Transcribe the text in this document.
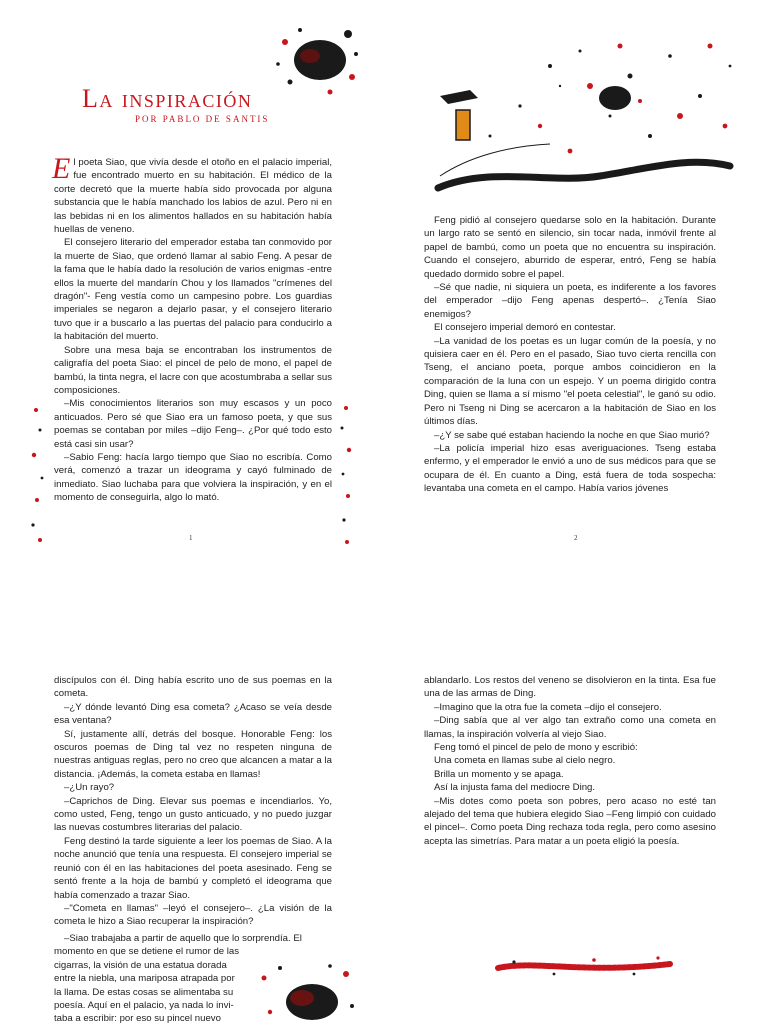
La inspiración
POR PABLO DE SANTIS

El poeta Siao, que vivía desde el otoño en el palacio imperial, fue encontrado muerto en su habitación. El médico de la corte decretó que la muerte había sido provocada por alguna substancia que le había manchado los labios de azul. Pero ni en las bebidas ni en los alimentos hallados en su habitación había huellas de veneno.

El consejero literario del emperador estaba tan conmovido por la muerte de Siao, que ordenó llamar al sabio Feng. A pesar de la fama que le había dado la resolución de varios enigmas -entre ellos la muerte del mandarín Chou y los llamados "crímenes del dragón"- Feng vestía como un campesino pobre. Los guardias imperiales se negaron a dejarlo pasar, y el consejero literario tuvo que ir a buscarlo a las puertas del palacio para conducirlo a la habitación del muerto.

Sobre una mesa baja se encontraban los instrumentos de caligrafía del poeta Siao: el pincel de pelo de mono, el papel de bambú, la tinta negra, el lacre con que acostumbraba a sellar sus composiciones.

–Mis conocimientos literarios son muy escasos y un poco anticuados. Pero sé que Siao era un famoso poeta, y que sus poemas se contaban por miles –dijo Feng–. ¿Por qué todo esto está casi sin usar?

–Sabio Feng: hacía largo tiempo que Siao no escribía. Como verá, comenzó a trazar un ideograma y cayó fulminado de inmediato. Siao luchaba para que volviera la inspiración, y en el momento de conseguirla, algo lo mató.

1

Feng pidió al consejero quedarse solo en la habitación. Durante un largo rato se sentó en silencio, sin tocar nada, inmóvil frente al papel de bambú, como un poeta que no encuentra su inspiración. Cuando el consejero, aburrido de esperar, entró, Feng se había quedado dormido sobre el papel.

–Sé que nadie, ni siquiera un poeta, es indiferente a los favores del emperador –dijo Feng apenas despertó–. ¿Tenía Siao enemigos?

El consejero imperial demoró en contestar.

–La vanidad de los poetas es un lugar común de la poesía, y no quisiera caer en él. Pero en el pasado, Siao tuvo cierta rencilla con Tseng, el anciano poeta, porque ambos coincidieron en la comparación de la luna con un espejo. Y un poema dirigido contra Ding, quien se llama a sí mismo "el poeta celestial", le ganó su odio. Pero ni Tseng ni Ding se acercaron a la habitación de Siao en los últimos días.

–¿Y se sabe qué estaban haciendo la noche en que Siao murió?

–La policía imperial hizo esas averiguaciones. Tseng estaba enfermo, y el emperador le envió a uno de sus médicos para que se ocupara de él. En cuanto a Ding, está fuera de toda sospecha: levantaba una cometa en el campo. Había varios jóvenes

2

discípulos con él. Ding había escrito uno de sus poemas en la cometa.

–¿Y dónde levantó Ding esa cometa? ¿Acaso se veía desde esa ventana?

Sí, justamente allí, detrás del bosque. Honorable Feng: los oscuros poemas de Ding tal vez no respeten ninguna de nuestras antiguas reglas, pero no creo que alcancen a matar a la distancia. ¡Además, la cometa estaba en llamas!

–¿Un rayo?

–Caprichos de Ding. Elevar sus poemas e incendiarlos. Yo, como usted, Feng, tengo un gusto anticuado, y no puedo juzgar las nuevas costumbres literarias del palacio.

Feng destinó la tarde siguiente a leer los poemas de Siao. A la noche anunció que tenía una respuesta. El consejero imperial se reunió con él en las habitaciones del poeta asesinado. Feng se sentó frente a la hoja de bambú y completó el ideograma que había comenzado a trazar Siao.

–"Cometa en llamas" –leyó el consejero–. ¿La visión de la cometa le hizo a Siao recuperar la inspiración?

–Siao trabajaba a partir de aquello que lo sorprendía. El
momento en que se detiene el rumor de las
cigarras, la visión de una estatua dorada
entre la niebla, una mariposa atrapada por
la llama. De estas cosas se alimentaba su
poesía. Aquí en el palacio, ya nada lo invi-
taba a escribir: por eso su pincel nuevo

ablandarlo. Los restos del veneno se disolvieron en la tinta. Esa fue una de las armas de Ding.

–Imagino que la otra fue la cometa –dijo el consejero.

–Ding sabía que al ver algo tan extraño como una cometa en llamas, la inspiración volvería al viejo Siao.

Feng tomó el pincel de pelo de mono y escribió:

Una cometa en llamas sube al cielo negro.

Brilla un momento y se apaga.

Así la injusta fama del mediocre Ding.

–Mis dotes como poeta son pobres, pero acaso no esté tan alejado del tema que hubiera elegido Siao –Feng limpió con cuidado el pincel–. Como poeta Ding rechaza toda regla, pero como asesino acepta las simetrías. Para matar a un poeta eligió la poesía.
